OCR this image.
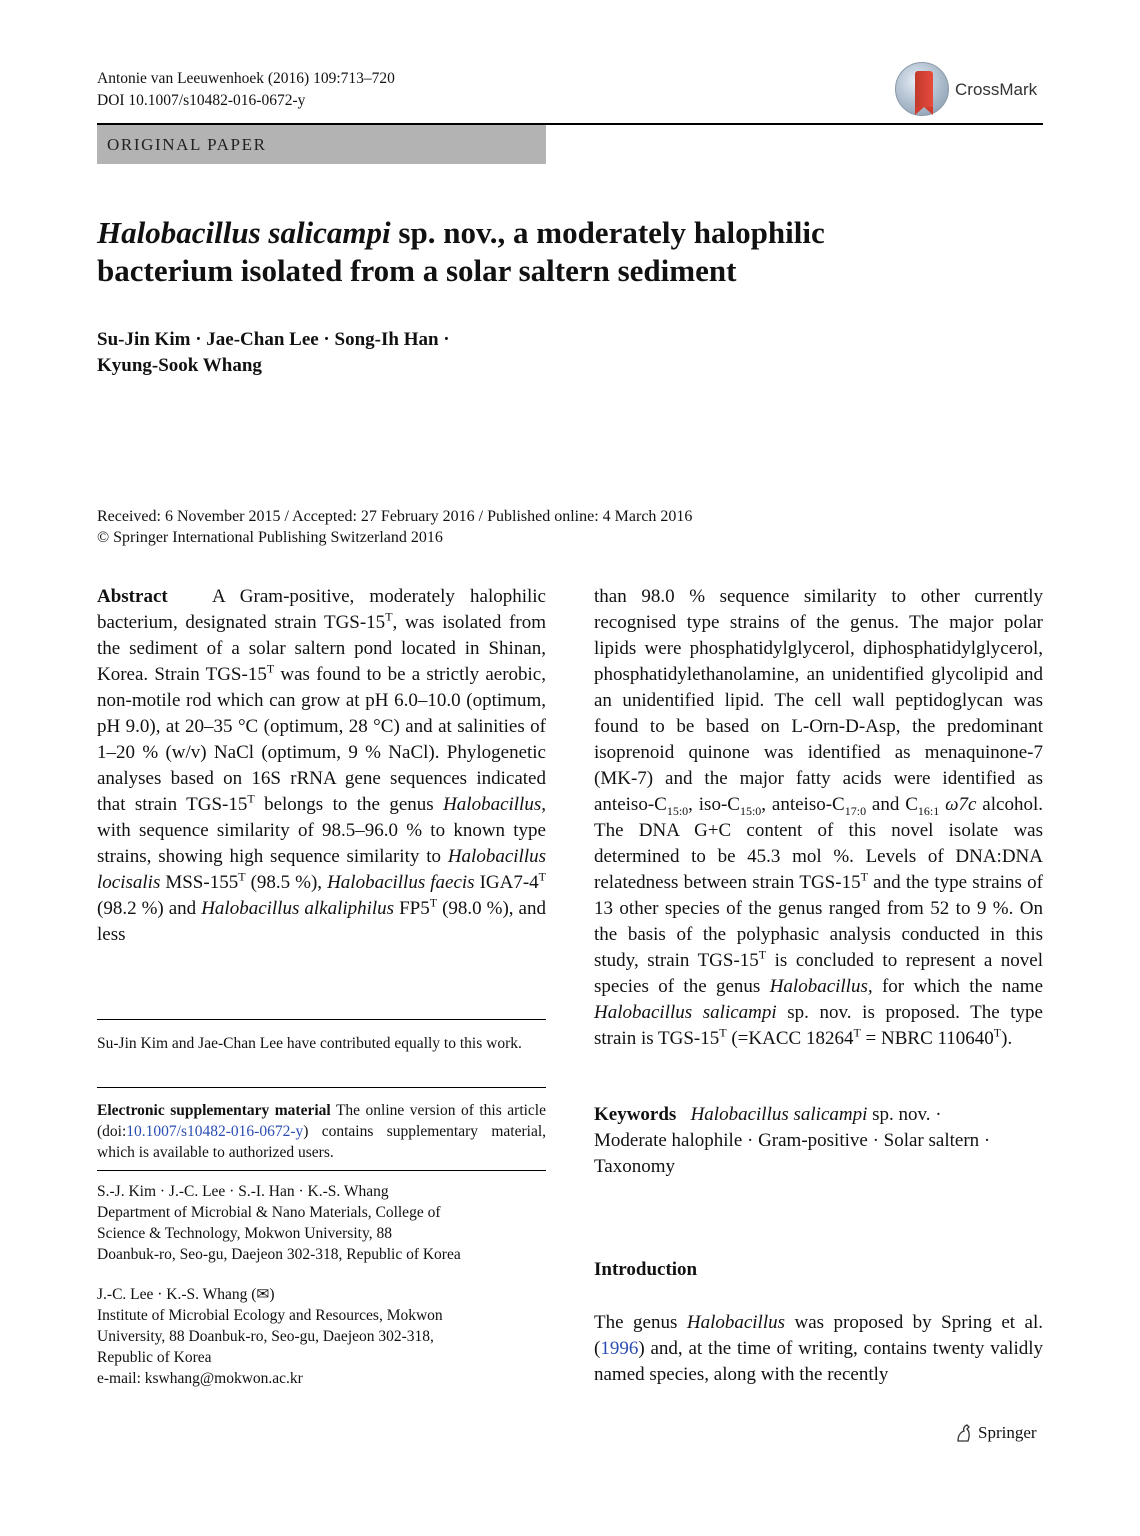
Antonie van Leeuwenhoek (2016) 109:713–720
DOI 10.1007/s10482-016-0672-y
CrossMark
ORIGINAL PAPER
Halobacillus salicampi sp. nov., a moderately halophilic
bacterium isolated from a solar saltern sediment
Su-Jin Kim · Jae-Chan Lee · Song-Ih Han ·
Kyung-Sook Whang
Received: 6 November 2015 / Accepted: 27 February 2016 / Published online: 4 March 2016
© Springer International Publishing Switzerland 2016

Abstract A Gram-positive, moderately halophilic bacterium, designated strain TGS-$15^T$, was isolated from the sediment of a solar saltern pond located in Shinan, Korea. Strain TGS-$15^T$ was found to be a strictly aerobic, non-motile rod which can grow at pH 6.0–10.0 (optimum, pH 9.0), at 20–35 °C (optimum, 28 °C) and at salinities of 1–20 % (w/v) NaCl (optimum, 9 % NaCl). Phylogenetic analyses based on 16S rRNA gene sequences indicated that strain TGS-$15^T$ belongs to the genus Halobacillus, with sequence similarity of 98.5–96.0 % to known type strains, showing high sequence similarity to Halobacillus locisalis MSS-$155^T$ (98.5 %), Halobacillus faecis $IGA7-4^T$ (98.2 %) and Halobacillus alkaliphilus $FP5^T$ (98.0 %), and less

Su-Jin Kim and Jae-Chan Lee have contributed equally to this work.
Electronic supplementary material The online version of this article (doi:10.1007/s10482-016-0672-y) contains supplementary material, which is available to authorized users.
S.-J. Kim · J.-C. Lee · S.-I. Han · K.-S. Whang
Department of Microbial & Nano Materials, College of
Science & Technology, Mokwon University, 88
Doanbuk-ro, Seo-gu, Daejeon 302-318, Republic of Korea
J.-C. Lee · K.-S. Whang (✉)
Institute of Microbial Ecology and Resources, Mokwon
University, 88 Doanbuk-ro, Seo-gu, Daejeon 302-318,
Republic of Korea
e-mail: kswhang@mokwon.ac.kr

than 98.0 % sequence similarity to other currently recognised type strains of the genus. The major polar lipids were phosphatidylglycerol, diphosphatidylglycerol, phosphatidylethanolamine, an unidentified glycolipid and an unidentified lipid. The cell wall peptidoglycan was found to be based on L-Orn-D-Asp, the predominant isoprenoid quinone was identified as menaquinone-7 (MK-7) and the major fatty acids were identified as anteiso-$C_{15:0}$, iso-$C_{15:0}$, anteiso-$C_{17:0}$ and $C_{16:1}$ ω7c alcohol. The DNA G+C content of this novel isolate was determined to be 45.3 mol %. Levels of DNA:DNA relatedness between strain TGS-$15^T$ and the type strains of 13 other species of the genus ranged from 52 to 9 %. On the basis of the polyphasic analysis conducted in this study, strain TGS-$15^T$ is concluded to represent a novel species of the genus Halobacillus, for which the name Halobacillus salicampi sp. nov. is proposed. The type strain is TGS-$15^T$ (=KACC $18264^T$ = NBRC $110640^T$).

Keywords Halobacillus salicampi sp. nov. ·
Moderate halophile · Gram-positive · Solar saltern ·
Taxonomy
Introduction

The genus Halobacillus was proposed by Spring et al. (1996) and, at the time of writing, contains twenty validly named species, along with the recently

Springer
